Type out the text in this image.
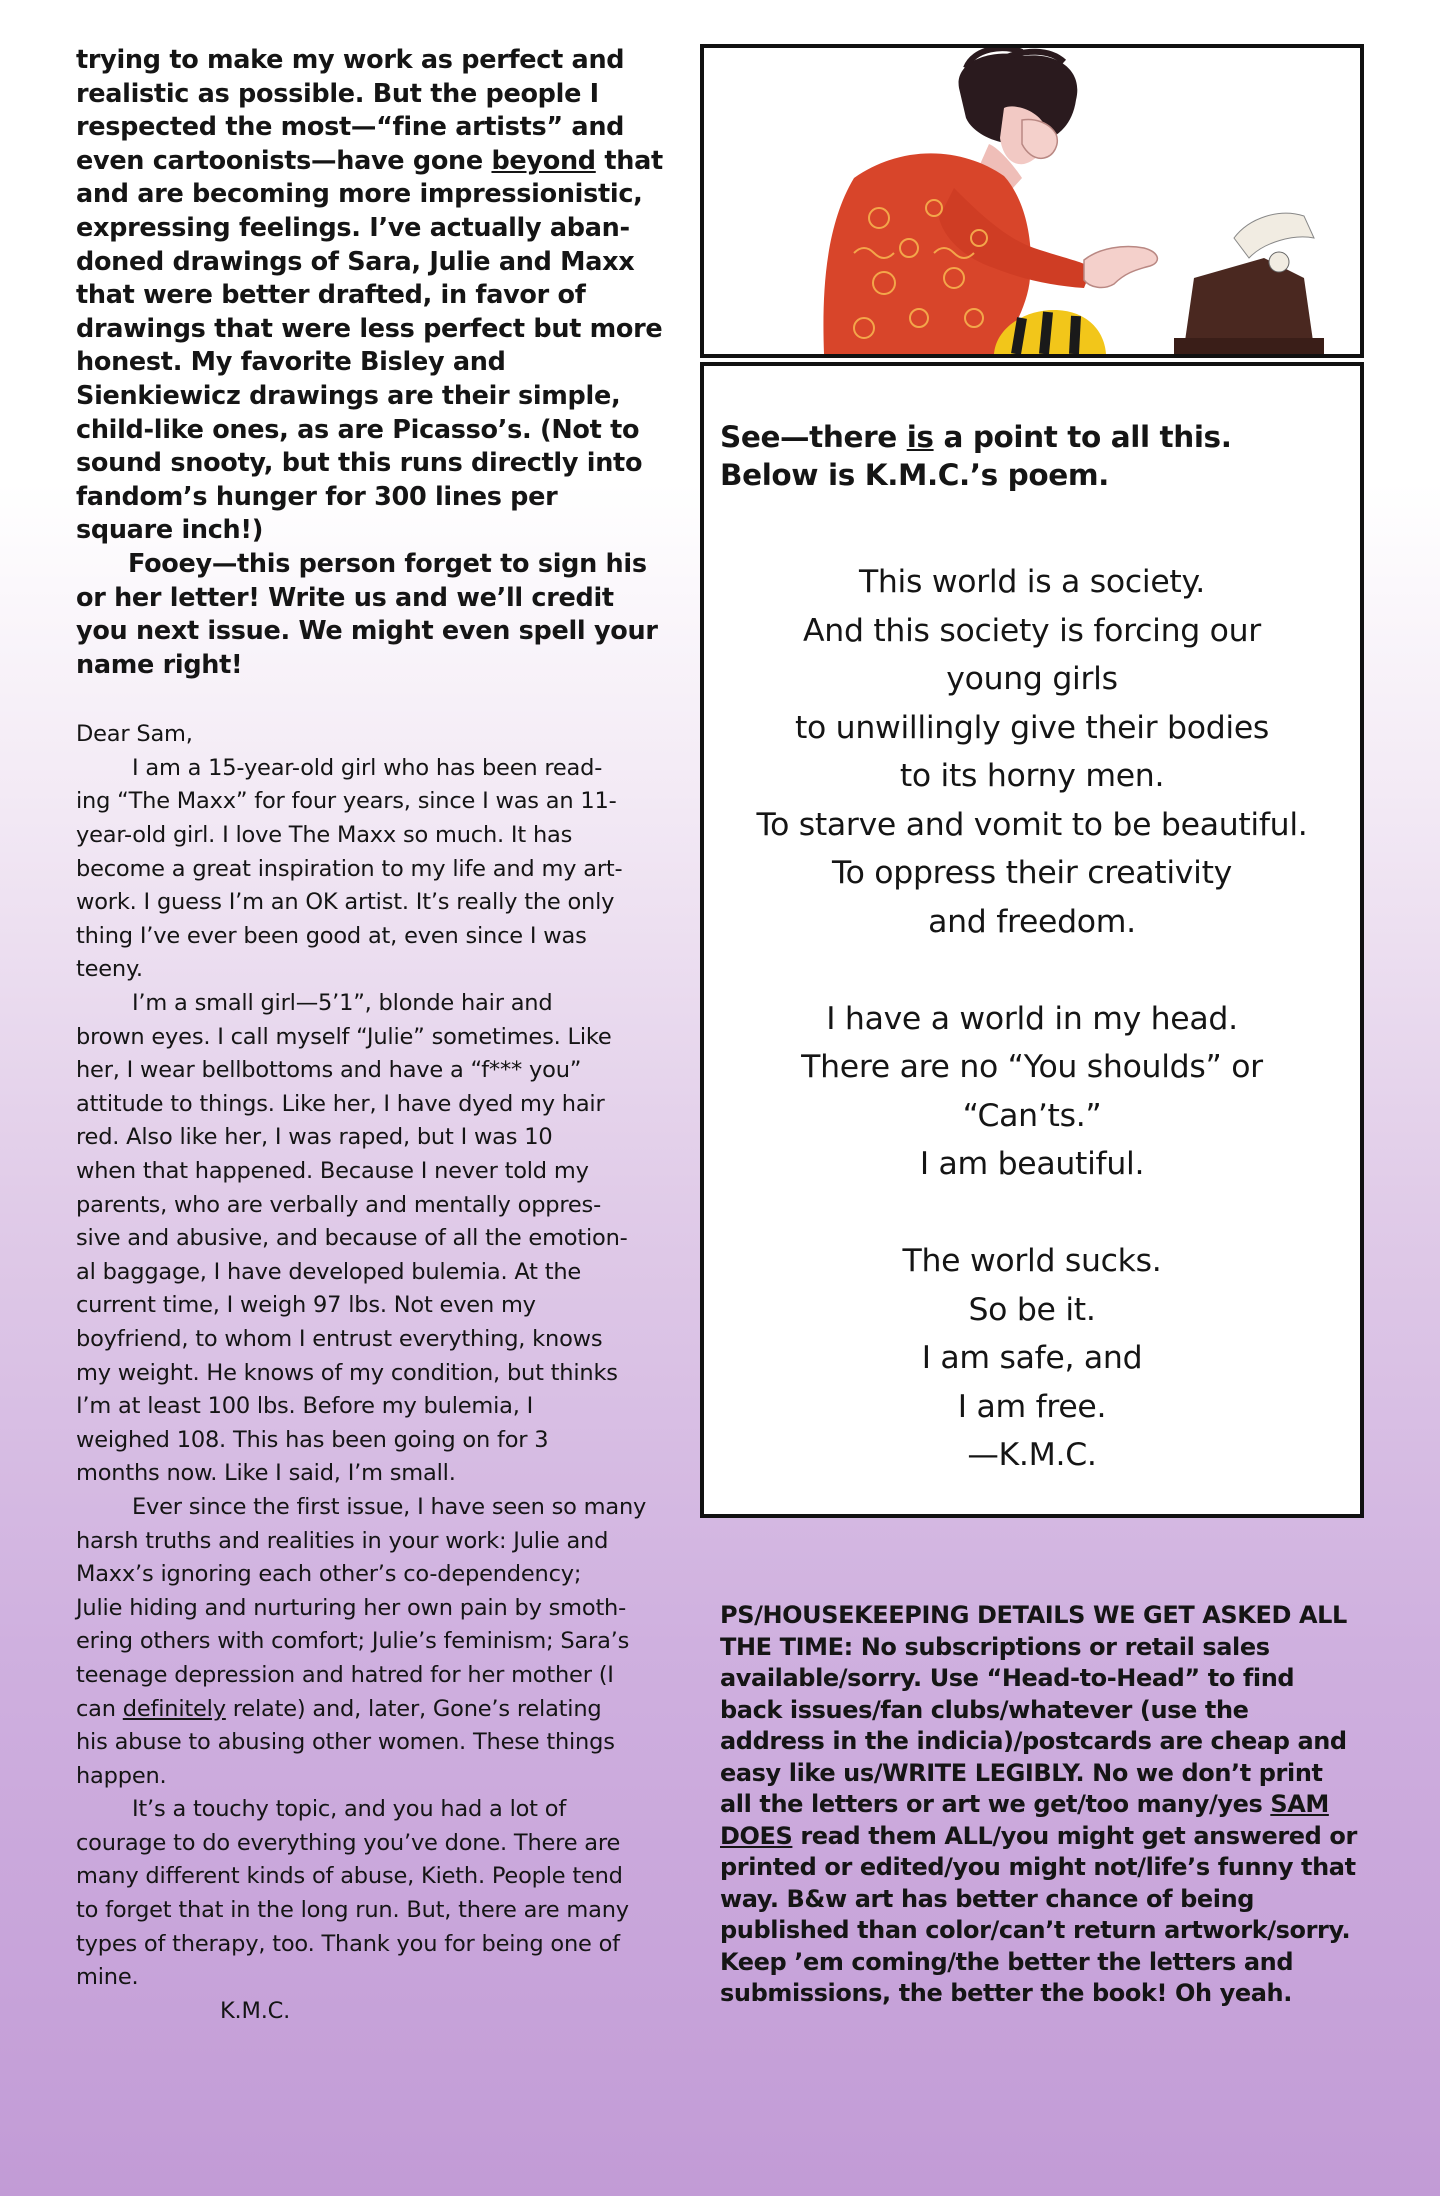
trying to make my work as perfect and
realistic as possible. But the people I
respected the most—“fine artists” and
even cartoonists—have gone beyond that
and are becoming more impressionistic,
expressing feelings. I’ve actually aban-
doned drawings of Sara, Julie and Maxx
that were better drafted, in favor of
drawings that were less perfect but more
honest. My favorite Bisley and
Sienkiewicz drawings are their simple,
child-like ones, as are Picasso’s. (Not to
sound snooty, but this runs directly into
fandom’s hunger for 300 lines per
square inch!)
Fooey—this person forget to sign his
or her letter! Write us and we’ll credit
you next issue. We might even spell your
name right!

Dear Sam,

I am a 15-year-old girl who has been read-
ing “The Maxx” for four years, since I was an 11-
year-old girl. I love The Maxx so much. It has
become a great inspiration to my life and my art-
work. I guess I’m an OK artist. It’s really the only
thing I’ve ever been good at, even since I was
teeny.

I’m a small girl—5’1”, blonde hair and
brown eyes. I call myself “Julie” sometimes. Like
her, I wear bellbottoms and have a “f*** you”
attitude to things. Like her, I have dyed my hair
red. Also like her, I was raped, but I was 10
when that happened. Because I never told my
parents, who are verbally and mentally oppres-
sive and abusive, and because of all the emotion-
al baggage, I have developed bulemia. At the
current time, I weigh 97 lbs. Not even my
boyfriend, to whom I entrust everything, knows
my weight. He knows of my condition, but thinks
I’m at least 100 lbs. Before my bulemia, I
weighed 108. This has been going on for 3
months now. Like I said, I’m small.

Ever since the first issue, I have seen so many
harsh truths and realities in your work: Julie and
Maxx’s ignoring each other’s co-dependency;
Julie hiding and nurturing her own pain by smoth-
ering others with comfort; Julie’s feminism; Sara’s
teenage depression and hatred for her mother (I
can definitely relate) and, later, Gone’s relating
his abuse to abusing other women. These things
happen.

It’s a touchy topic, and you had a lot of
courage to do everything you’ve done. There are
many different kinds of abuse, Kieth. People tend
to forget that in the long run. But, there are many
types of therapy, too. Thank you for being one of
mine.

K.M.C.

See—there is a point to all this.
Below is K.M.C.’s poem.

This world is a society.
And this society is forcing our
young girls
to unwillingly give their bodies
to its horny men.
To starve and vomit to be beautiful.
To oppress their creativity
and freedom.

I have a world in my head.
There are no “You shoulds” or
“Can’ts.”
I am beautiful.

The world sucks.
So be it.
I am safe, and
I am free.
—K.M.C.

PS/HOUSEKEEPING DETAILS WE GET ASKED ALL THE TIME: No subscriptions or retail sales available/sorry. Use “Head-to-Head” to find back issues/fan clubs/whatever (use the address in the indicia)/postcards are cheap and easy like us/WRITE LEGIBLY. No we don’t print all the letters or art we get/too many/yes SAM DOES read them ALL/you might get answered or printed or edited/you might not/life’s funny that way. B&w art has better chance of being published than color/can’t return artwork/sorry. Keep ’em coming/the better the letters and submissions, the better the book! Oh yeah.
